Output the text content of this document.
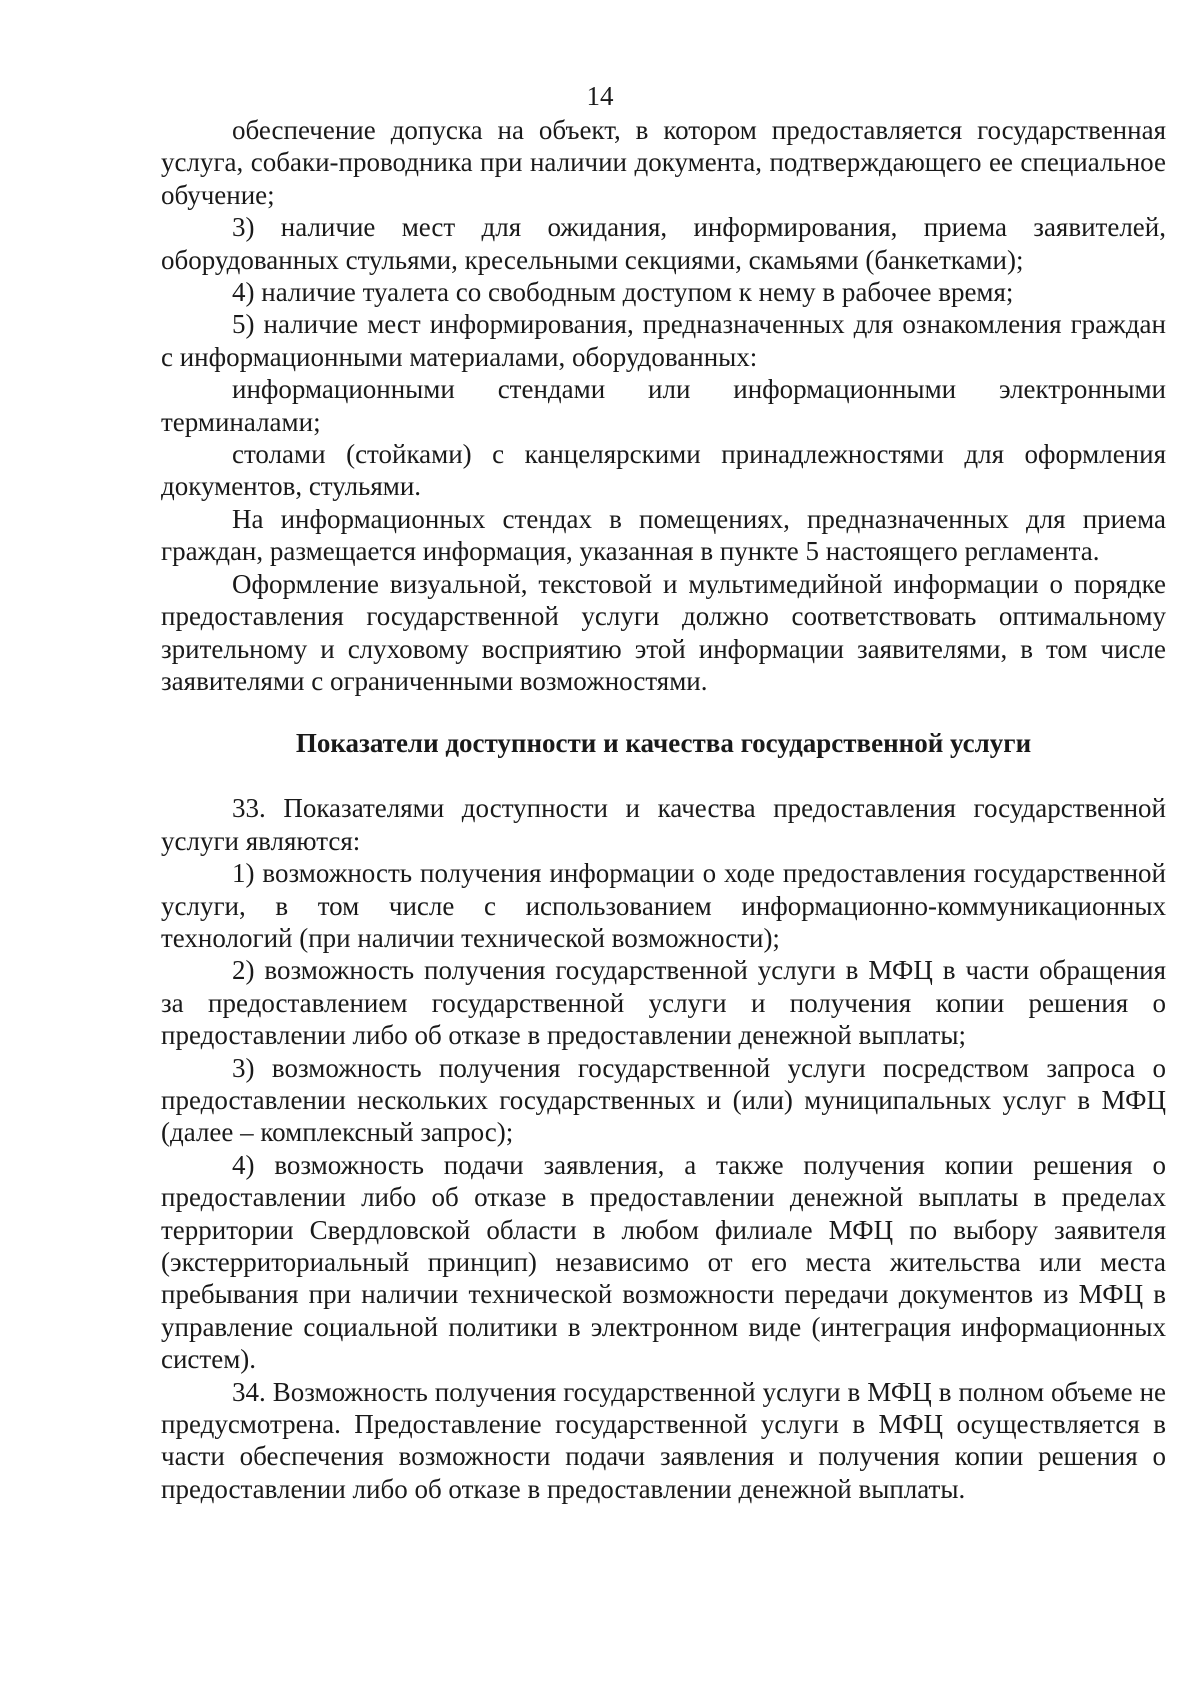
14

обеспечение допуска на объект, в котором предоставляется государственная услуга, собаки-проводника при наличии документа, подтверждающего ее специальное обучение;

3) наличие мест для ожидания, информирования, приема заявителей, оборудованных стульями, кресельными секциями, скамьями (банкетками);

4) наличие туалета со свободным доступом к нему в рабочее время;

5) наличие мест информирования, предназначенных для ознакомления граждан с информационными материалами, оборудованных:

информационными стендами или информационными электронными терминалами;

столами (стойками) с канцелярскими принадлежностями для оформления документов, стульями.

На информационных стендах в помещениях, предназначенных для приема граждан, размещается информация, указанная в пункте 5 настоящего регламента.

Оформление визуальной, текстовой и мультимедийной информации о порядке предоставления государственной услуги должно соответствовать оптимальному зрительному и слуховому восприятию этой информации заявителями, в том числе заявителями с ограниченными возможностями.

Показатели доступности и качества государственной услуги

33. Показателями доступности и качества предоставления государственной услуги являются:

1) возможность получения информации о ходе предоставления государственной услуги, в том числе с использованием информационно-коммуникационных технологий (при наличии технической возможности);

2) возможность получения государственной услуги в МФЦ в части обращения за предоставлением государственной услуги и получения копии решения о предоставлении либо об отказе в предоставлении денежной выплаты;

3) возможность получения государственной услуги посредством запроса о предоставлении нескольких государственных и (или) муниципальных услуг в МФЦ (далее – комплексный запрос);

4) возможность подачи заявления, а также получения копии решения о предоставлении либо об отказе в предоставлении денежной выплаты в пределах территории Свердловской области в любом филиале МФЦ по выбору заявителя (экстерриториальный принцип) независимо от его места жительства или места пребывания при наличии технической возможности передачи документов из МФЦ в управление социальной политики в электронном виде (интеграция информационных систем).

34. Возможность получения государственной услуги в МФЦ в полном объеме не предусмотрена. Предоставление государственной услуги в МФЦ осуществляется в части обеспечения возможности подачи заявления и получения копии решения о предоставлении либо об отказе в предоставлении денежной выплаты.
